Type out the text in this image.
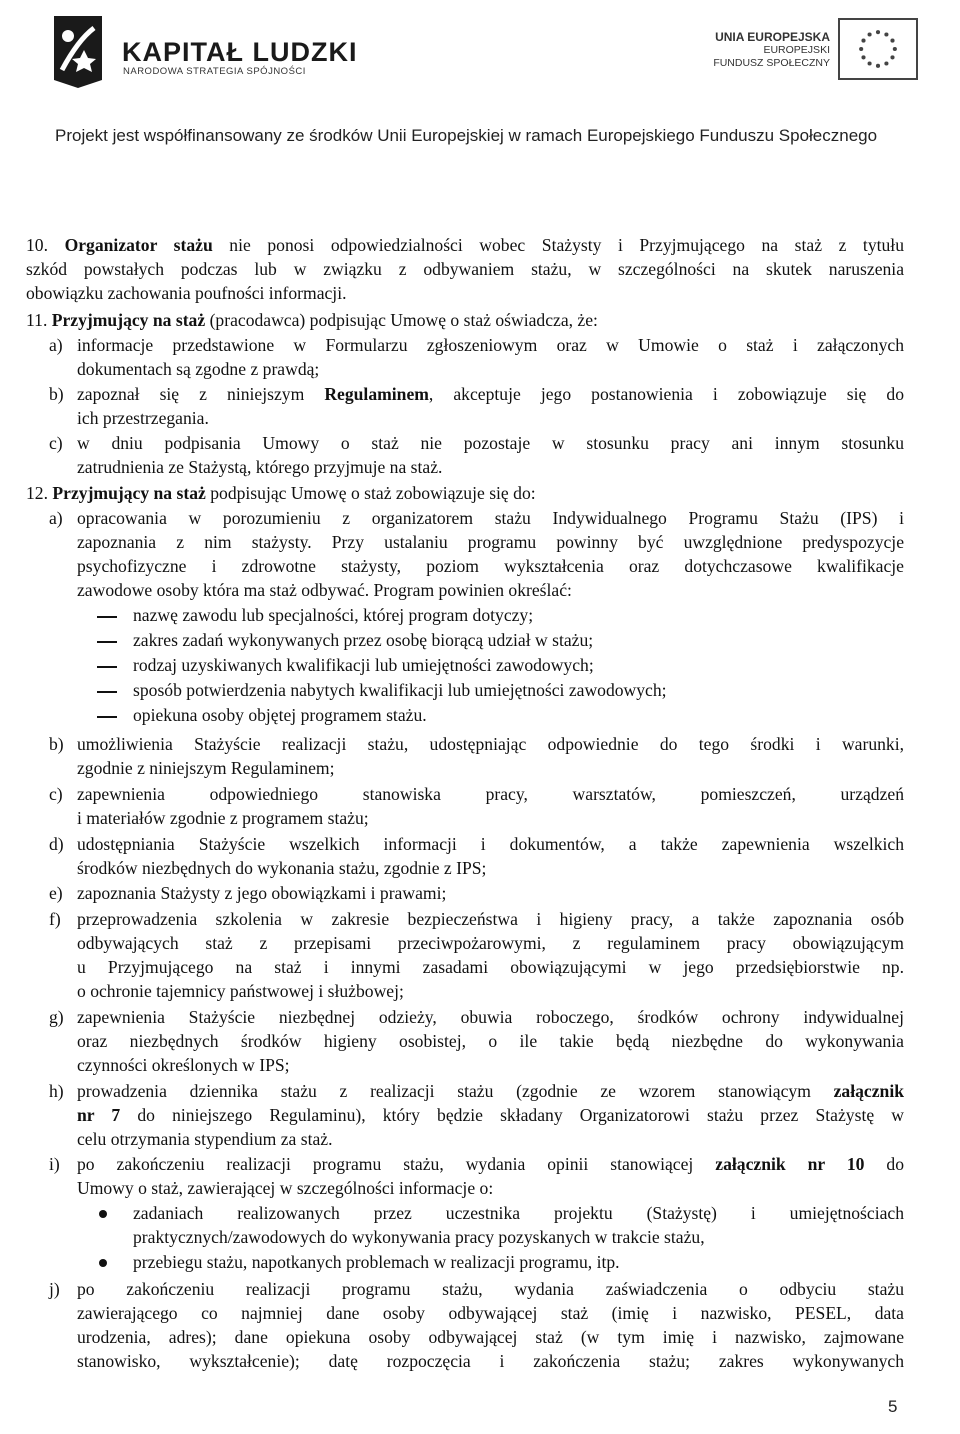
KAPITAŁ LUDZKI
NARODOWA STRATEGIA SPÓJNOŚCI
UNIA EUROPEJSKA
EUROPEJSKI
FUNDUSZ SPOŁECZNY
Projekt jest współfinansowany ze środków Unii Europejskiej w ramach Europejskiego Funduszu Społecznego
10. Organizator stażu nie ponosi odpowiedzialności wobec Stażysty i Przyjmującego na staż z tytułu
szkód powstałych podczas lub w związku z odbywaniem stażu, w szczególności na skutek naruszenia
obowiązku zachowania poufności informacji.
11. Przyjmujący na staż (pracodawca) podpisując Umowę o staż oświadcza, że:
a) informacje przedstawione w Formularzu zgłoszeniowym oraz w Umowie o staż i załączonych
dokumentach są zgodne z prawdą;
b) zapoznał się z niniejszym Regulaminem, akceptuje jego postanowienia i zobowiązuje się do
ich przestrzegania.
c) w dniu podpisania Umowy o staż nie pozostaje w stosunku pracy ani innym stosunku
zatrudnienia ze Stażystą, którego przyjmuje na staż.
12. Przyjmujący na staż podpisując Umowę o staż zobowiązuje się do:
a) opracowania w porozumieniu z organizatorem stażu Indywidualnego Programu Stażu (IPS) i
zapoznania z nim stażysty. Przy ustalaniu programu powinny być uwzględnione predyspozycje
psychofizyczne i zdrowotne stażysty, poziom wykształcenia oraz dotychczasowe kwalifikacje
zawodowe osoby która ma staż odbywać. Program powinien określać:
nazwę zawodu lub specjalności, której program dotyczy;
zakres zadań wykonywanych przez osobę biorącą udział w stażu;
rodzaj uzyskiwanych kwalifikacji lub umiejętności zawodowych;
sposób potwierdzenia nabytych kwalifikacji lub umiejętności zawodowych;
opiekuna osoby objętej programem stażu.
b) umożliwienia Stażyście realizacji stażu, udostępniając odpowiednie do tego środki i warunki,
zgodnie z niniejszym Regulaminem;
c) zapewnienia odpowiedniego stanowiska pracy, warsztatów, pomieszczeń, urządzeń
i materiałów zgodnie z programem stażu;
d) udostępniania Stażyście wszelkich informacji i dokumentów, a także zapewnienia wszelkich
środków niezbędnych do wykonania stażu, zgodnie z IPS;
e) zapoznania Stażysty z jego obowiązkami i prawami;
f) przeprowadzenia szkolenia w zakresie bezpieczeństwa i higieny pracy, a także zapoznania osób
odbywających staż z przepisami przeciwpożarowymi, z regulaminem pracy obowiązującym
u Przyjmującego na staż i innymi zasadami obowiązującymi w jego przedsiębiorstwie np.
o ochronie tajemnicy państwowej i służbowej;
g) zapewnienia Stażyście niezbędnej odzieży, obuwia roboczego, środków ochrony indywidualnej
oraz niezbędnych środków higieny osobistej, o ile takie będą niezbędne do wykonywania
czynności określonych w IPS;
h) prowadzenia dziennika stażu z realizacji stażu (zgodnie ze wzorem stanowiącym załącznik
nr 7 do niniejszego Regulaminu), który będzie składany Organizatorowi stażu przez Stażystę w
celu otrzymania stypendium za staż.
i) po zakończeniu realizacji programu stażu, wydania opinii stanowiącej załącznik nr 10 do
Umowy o staż, zawierającej w szczególności informacje o:
zadaniach realizowanych przez uczestnika projektu (Stażystę) i umiejętnościach
praktycznych/zawodowych do wykonywania pracy pozyskanych w trakcie stażu,
przebiegu stażu, napotkanych problemach w realizacji programu, itp.
j) po zakończeniu realizacji programu stażu, wydania zaświadczenia o odbyciu stażu
zawierającego co najmniej dane osoby odbywającej staż (imię i nazwisko, PESEL, data
urodzenia, adres); dane opiekuna osoby odbywającej staż (w tym imię i nazwisko, zajmowane
stanowisko, wykształcenie); datę rozpoczęcia i zakończenia stażu; zakres wykonywanych
5
